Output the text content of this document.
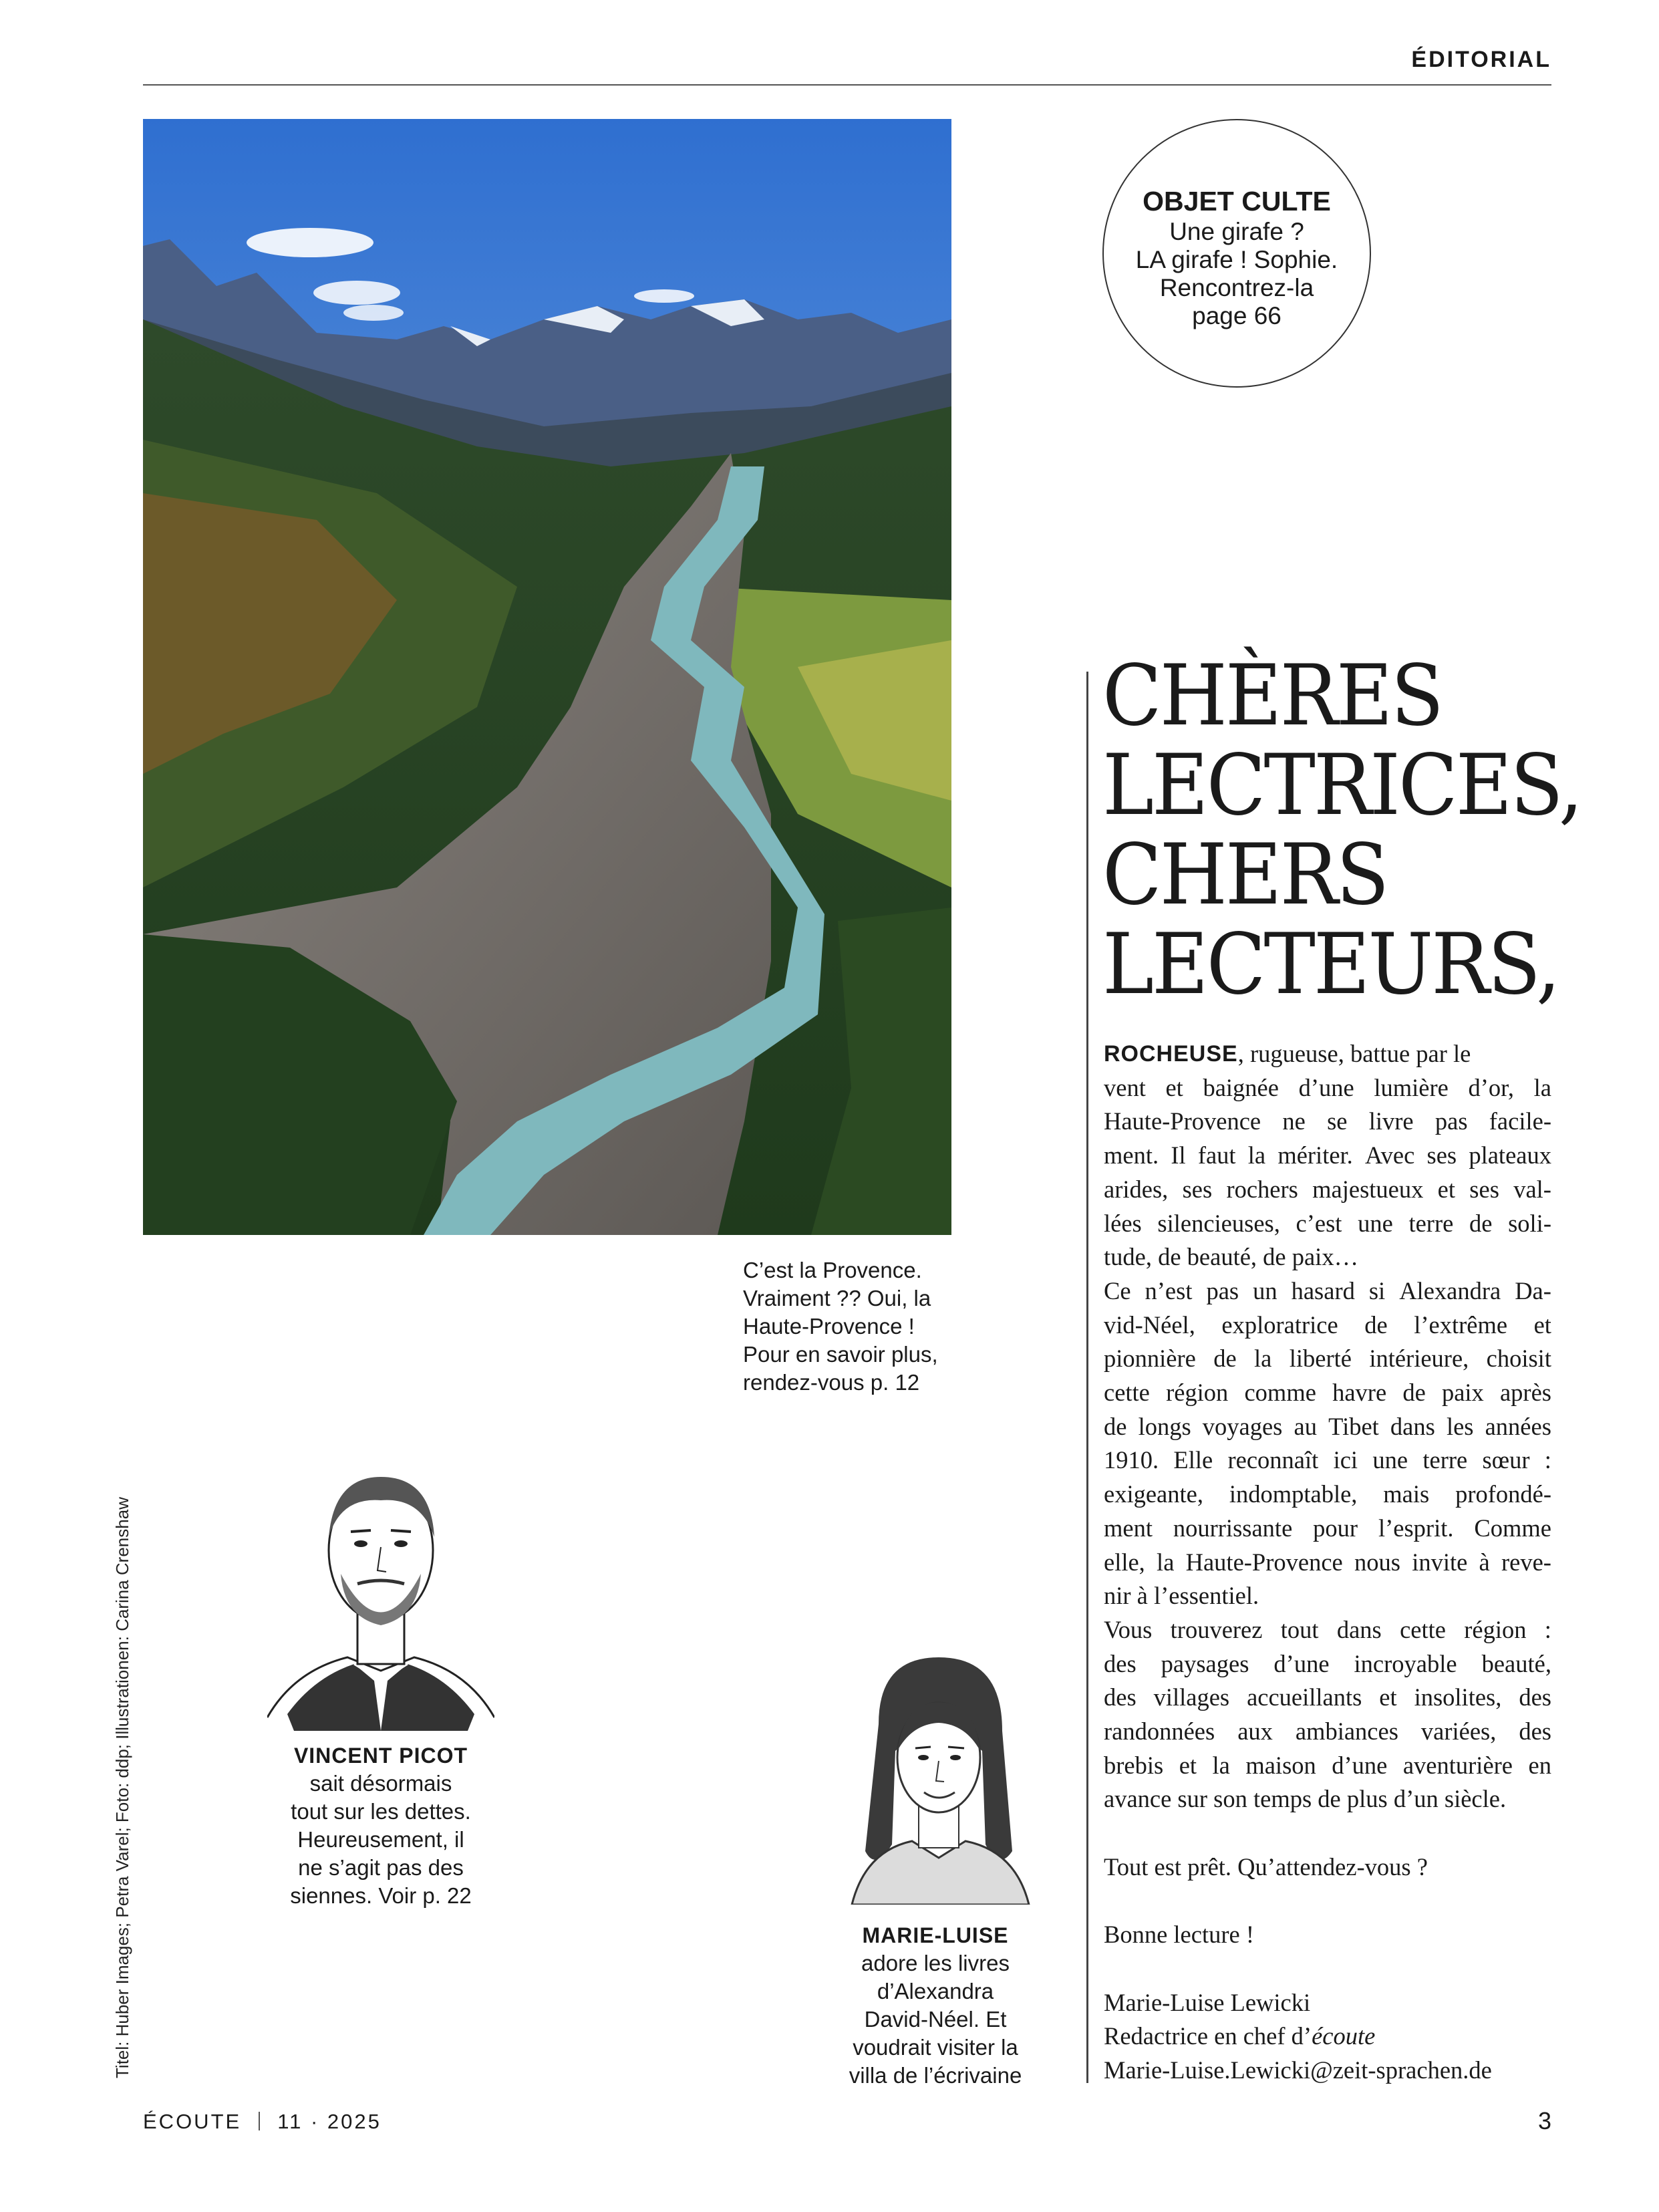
ÉDITORIAL
C’est la Provence.
Vraiment ?? Oui, la
Haute-Provence !
Pour en savoir plus,
rendez-vous p. 12
OBJET CULTE
Une girafe ?
LA girafe ! Sophie.
Rencontrez-la
page 66
CHÈRES
LECTRICES,
CHERS
LECTEURS,
ROCHEUSE , rugueuse, battue par le
vent et baignée d’une lumière d’or, la
Haute-Provence ne se livre pas facile-
ment. Il faut la mériter. Avec ses plateaux
arides, ses rochers majestueux et ses val-
lées silencieuses, c’est une terre de soli-
tude, de beauté, de paix…
Ce n’est pas un hasard si Alexandra Da-
vid-Néel, exploratrice de l’extrême et
pionnière de la liberté intérieure, choisit
cette région comme havre de paix après
de longs voyages au Tibet dans les années
1910. Elle reconnaît ici une terre sœur :
exigeante, indomptable, mais profondé-
ment nourrissante pour l’esprit. Comme
elle, la Haute-Provence nous invite à reve-
nir à l’essentiel.
Vous trouverez tout dans cette région :
des paysages d’une incroyable beauté,
des villages accueillants et insolites, des
randonnées aux ambiances variées, des
brebis et la maison d’une aventurière en
avance sur son temps de plus d’un siècle.
Tout est prêt. Qu’attendez-vous ?
Bonne lecture !
Marie-Luise Lewicki
Redactrice en chef d’ écoute
Marie-Luise.Lewicki@zeit-sprachen.de
Titel: Huber Images; Petra Varel; Foto: ddp; Illustrationen: Carina Crenshaw	VINCENT PICOT
sait désormais
tout sur les dettes.
Heureusement, il
ne s’agit pas des
siennes. Voir p. 22
MARIE-LUISE
adore les livres
d’Alexandra
David-Néel. Et
voudrait visiter la
villa de l’écrivaine
ÉCOUTE 11 · 2025	3
